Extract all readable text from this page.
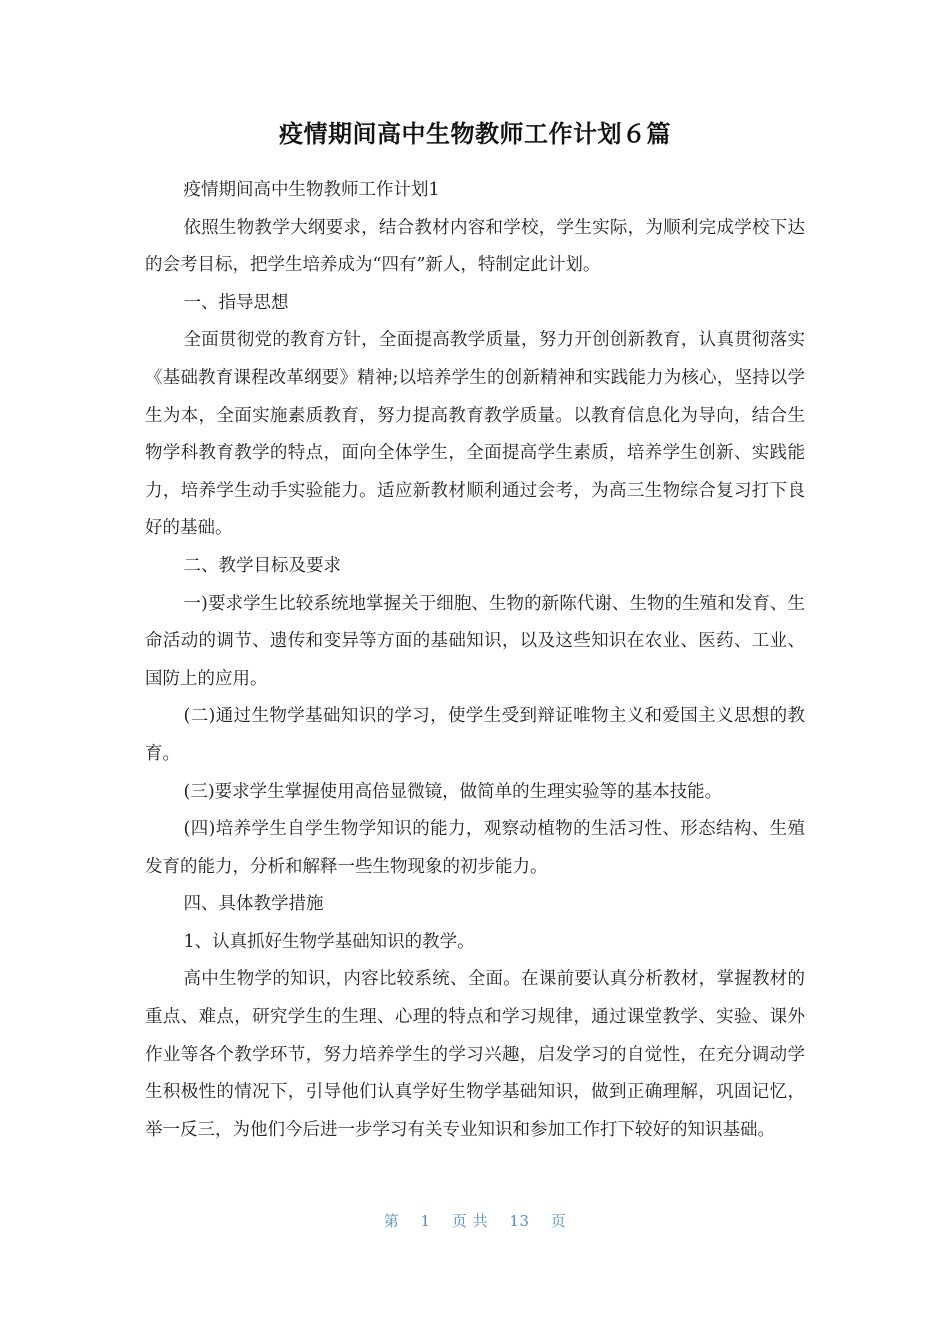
疫情期间高中生物教师工作计划６篇

疫情期间高中生物教师工作计划1

依照生物教学大纲要求，结合教材内容和学校，学生实际，为顺利完成学校下达的会考目标，把学生培养成为“四有”新人，特制定此计划。

一、指导思想

全面贯彻党的教育方针，全面提高教学质量，努力开创创新教育，认真贯彻落实《基础教育课程改革纲要》精神;以培养学生的创新精神和实践能力为核心，坚持以学生为本，全面实施素质教育，努力提高教育教学质量。以教育信息化为导向，结合生物学科教育教学的特点，面向全体学生，全面提高学生素质，培养学生创新、实践能力，培养学生动手实验能力。适应新教材顺利通过会考，为高三生物综合复习打下良好的基础。

二、教学目标及要求

一)要求学生比较系统地掌握关于细胞、生物的新陈代谢、生物的生殖和发育、生命活动的调节、遗传和变异等方面的基础知识，以及这些知识在农业、医药、工业、国防上的应用。

(二)通过生物学基础知识的学习，使学生受到辩证唯物主义和爱国主义思想的教育。

(三)要求学生掌握使用高倍显微镜，做简单的生理实验等的基本技能。

(四)培养学生自学生物学知识的能力，观察动植物的生活习性、形态结构、生殖发育的能力，分析和解释一些生物现象的初步能力。

四、具体教学措施

1、认真抓好生物学基础知识的教学。

高中生物学的知识，内容比较系统、全面。在课前要认真分析教材，掌握教材的重点、难点，研究学生的生理、心理的特点和学习规律，通过课堂教学、实验、课外作业等各个教学环节，努力培养学生的学习兴趣，启发学习的自觉性，在充分调动学生积极性的情况下，引导他们认真学好生物学基础知识，做到正确理解，巩固记忆，举一反三，为他们今后进一步学习有关专业知识和参加工作打下较好的知识基础。

第 1 页 共 13 页
